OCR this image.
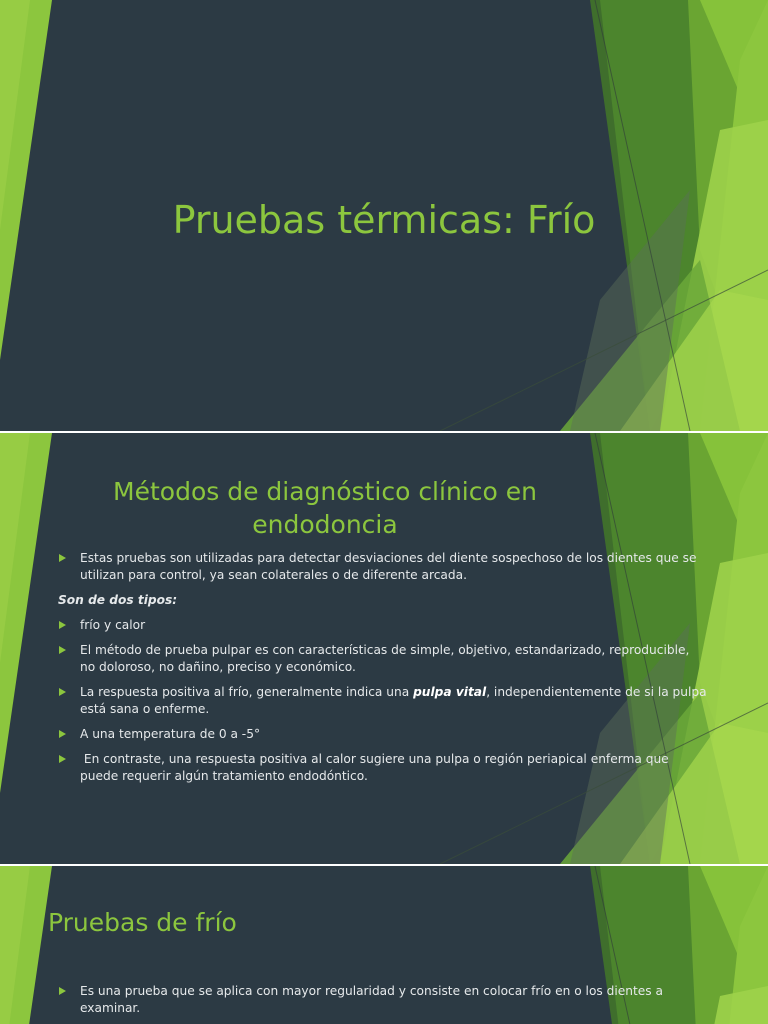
Pruebas térmicas: Frío
Métodos de diagnóstico clínico en
endodoncia
Estas pruebas son utilizadas para detectar desviaciones del diente sospechoso de los dientes que se utilizan para control, ya sean colaterales o de diferente arcada.
Son de dos tipos:
frío y calor
El método de prueba pulpar es con características de simple, objetivo, estandarizado, reproducible, no doloroso, no dañino, preciso y económico.
La respuesta positiva al frío, generalmente indica una pulpa vital, independientemente de si la pulpa está sana o enferme.
A una temperatura de 0 a -5°
En contraste, una respuesta positiva al calor sugiere una pulpa o región periapical enferma que puede requerir algún tratamiento endodóntico.
Pruebas de frío
Es una prueba que se aplica con mayor regularidad y consiste en colocar frío en o los dientes a examinar.
